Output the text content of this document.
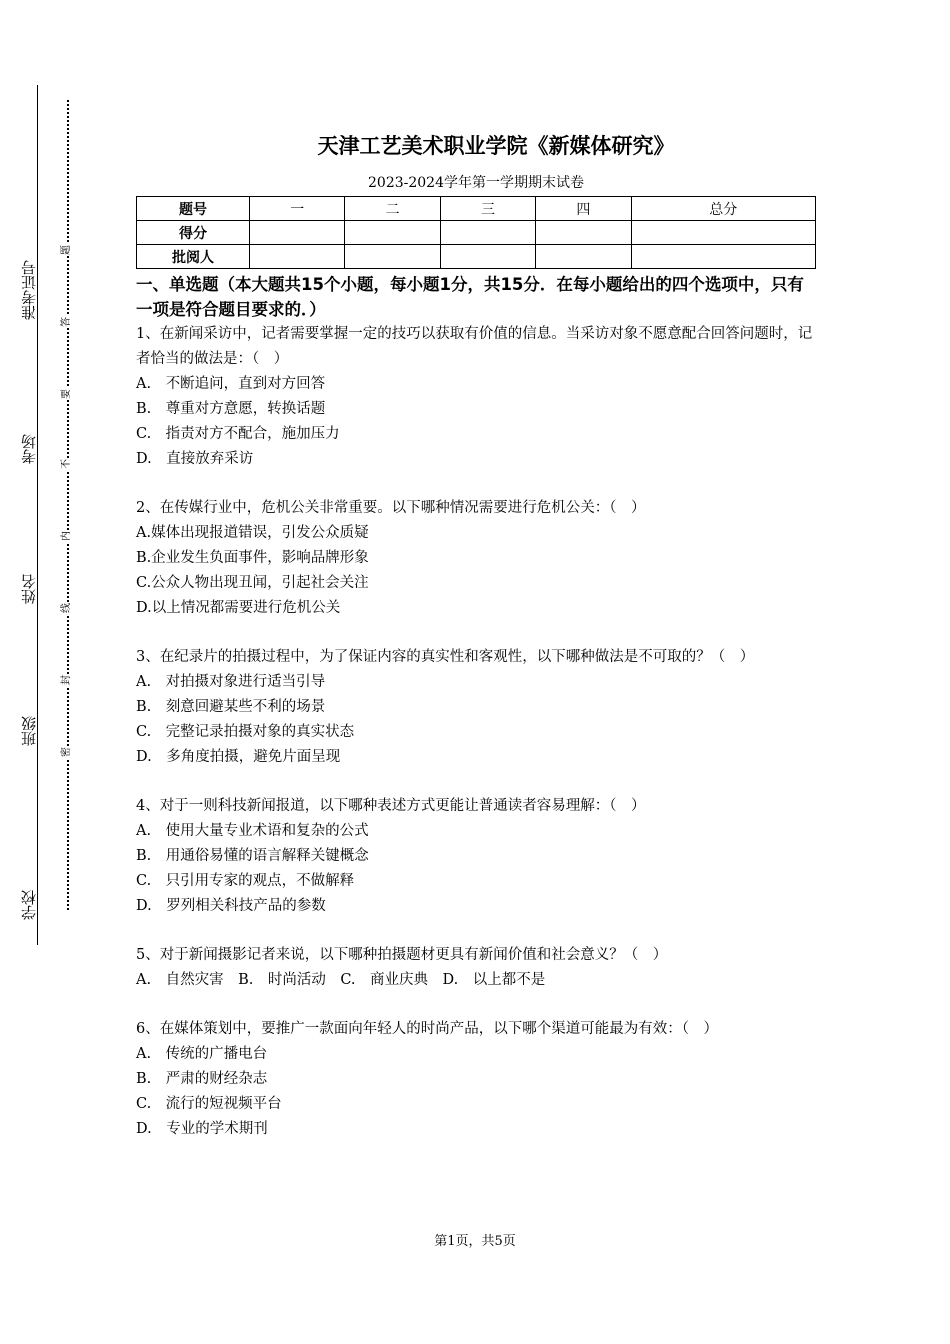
准考证号
考场
姓名
班级
学校
题
答
要
不
内
线
封
密
天津工艺美术职业学院《新媒体研究》
2023-2024学年第一学期期末试卷
题号	一	二	三	四	总分
得分					
批阅人					
一、单选题（本大题共15个小题，每小题1分，共15分．在每小题给出的四个选项中，只有一项是符合题目要求的．）
1、在新闻采访中，记者需要掌握一定的技巧以获取有价值的信息。当采访对象不愿意配合回答问题时，记者恰当的做法是：（　）
A.　不断追问，直到对方回答
B.　尊重对方意愿，转换话题
C.　指责对方不配合，施加压力
D.　直接放弃采访
2、在传媒行业中，危机公关非常重要。以下哪种情况需要进行危机公关：（　）
A.媒体出现报道错误，引发公众质疑
B.企业发生负面事件，影响品牌形象
C.公众人物出现丑闻，引起社会关注
D.以上情况都需要进行危机公关
3、在纪录片的拍摄过程中，为了保证内容的真实性和客观性，以下哪种做法是不可取的？（　）
A.　对拍摄对象进行适当引导
B.　刻意回避某些不利的场景
C.　完整记录拍摄对象的真实状态
D.　多角度拍摄，避免片面呈现
4、对于一则科技新闻报道，以下哪种表述方式更能让普通读者容易理解：（　）
A.　使用大量专业术语和复杂的公式
B.　用通俗易懂的语言解释关键概念
C.　只引用专家的观点，不做解释
D.　罗列相关科技产品的参数
5、对于新闻摄影记者来说，以下哪种拍摄题材更具有新闻价值和社会意义？（　）
A.　自然灾害　B.　时尚活动　C.　商业庆典　D.　以上都不是
6、在媒体策划中，要推广一款面向年轻人的时尚产品，以下哪个渠道可能最为有效：（　）
A.　传统的广播电台
B.　严肃的财经杂志
C.　流行的短视频平台
D.　专业的学术期刊
第1页，共5页
